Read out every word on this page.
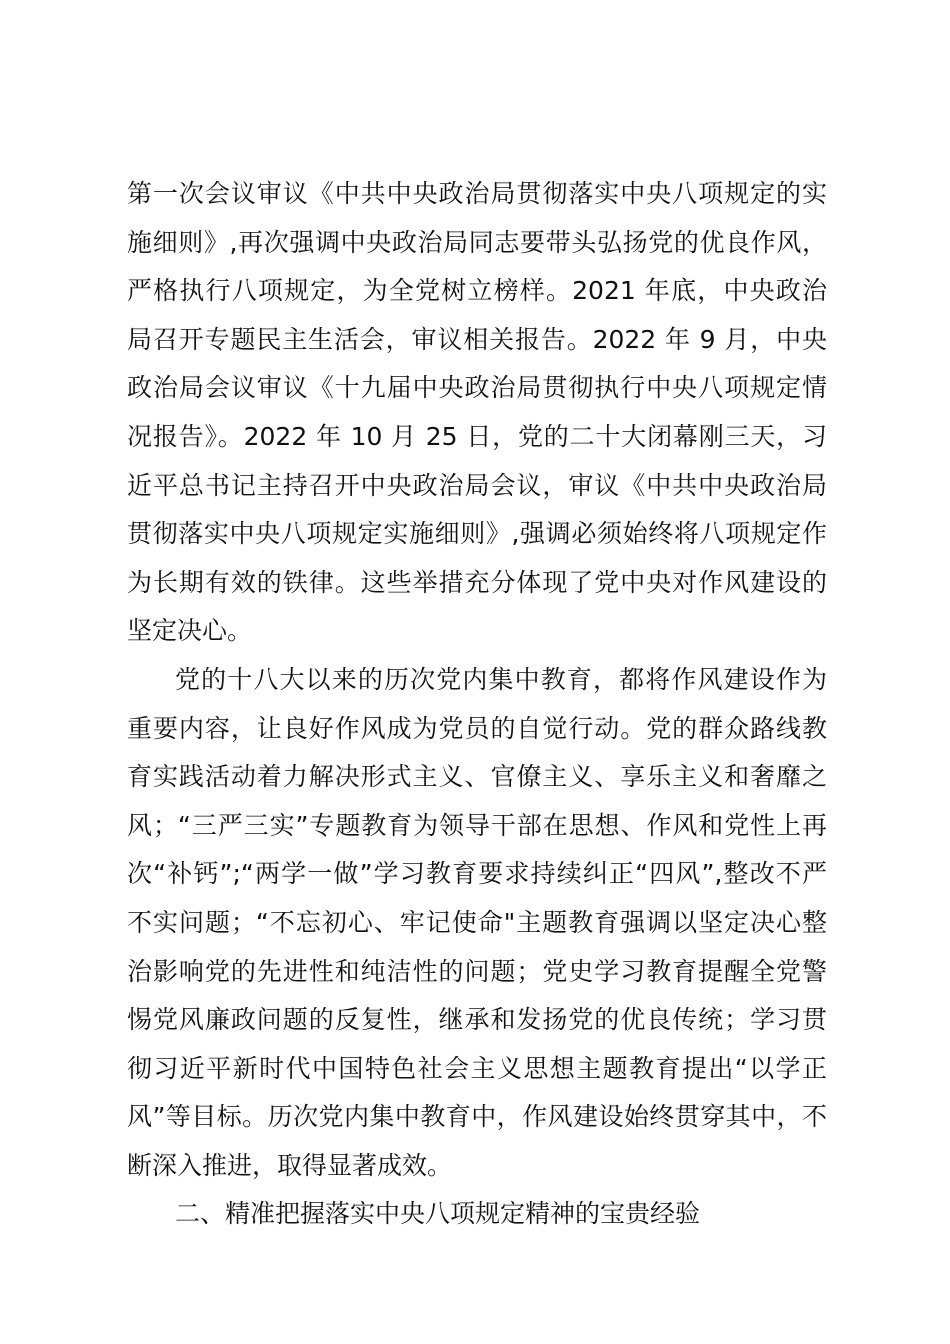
第一次会议审议《中共中央政治局贯彻落实中央八项规定的实
施细则》,再次强调中央政治局同志要带头弘扬党的优良作风，
严格执行八项规定，为全党树立榜样。2021 年底，中央政治
局召开专题民主生活会，审议相关报告。2022 年 9 月，中央
政治局会议审议《十九届中央政治局贯彻执行中央八项规定情
况报告》。2022 年 10 月 25 日，党的二十大闭幕刚三天，习
近平总书记主持召开中央政治局会议，审议《中共中央政治局
贯彻落实中央八项规定实施细则》,强调必须始终将八项规定作
为长期有效的铁律。这些举措充分体现了党中央对作风建设的
坚定决心。
党的十八大以来的历次党内集中教育，都将作风建设作为
重要内容，让良好作风成为党员的自觉行动。党的群众路线教
育实践活动着力解决形式主义、官僚主义、享乐主义和奢靡之
风；“三严三实”专题教育为领导干部在思想、作风和党性上再
次“补钙”;“两学一做”学习教育要求持续纠正“四风”,整改不严
不实问题；“不忘初心、牢记使命"主题教育强调以坚定决心整
治影响党的先进性和纯洁性的问题；党史学习教育提醒全党警
惕党风廉政问题的反复性，继承和发扬党的优良传统；学习贯
彻习近平新时代中国特色社会主义思想主题教育提出“以学正
风”等目标。历次党内集中教育中，作风建设始终贯穿其中，不
断深入推进，取得显著成效。
二、精准把握落实中央八项规定精神的宝贵经验
